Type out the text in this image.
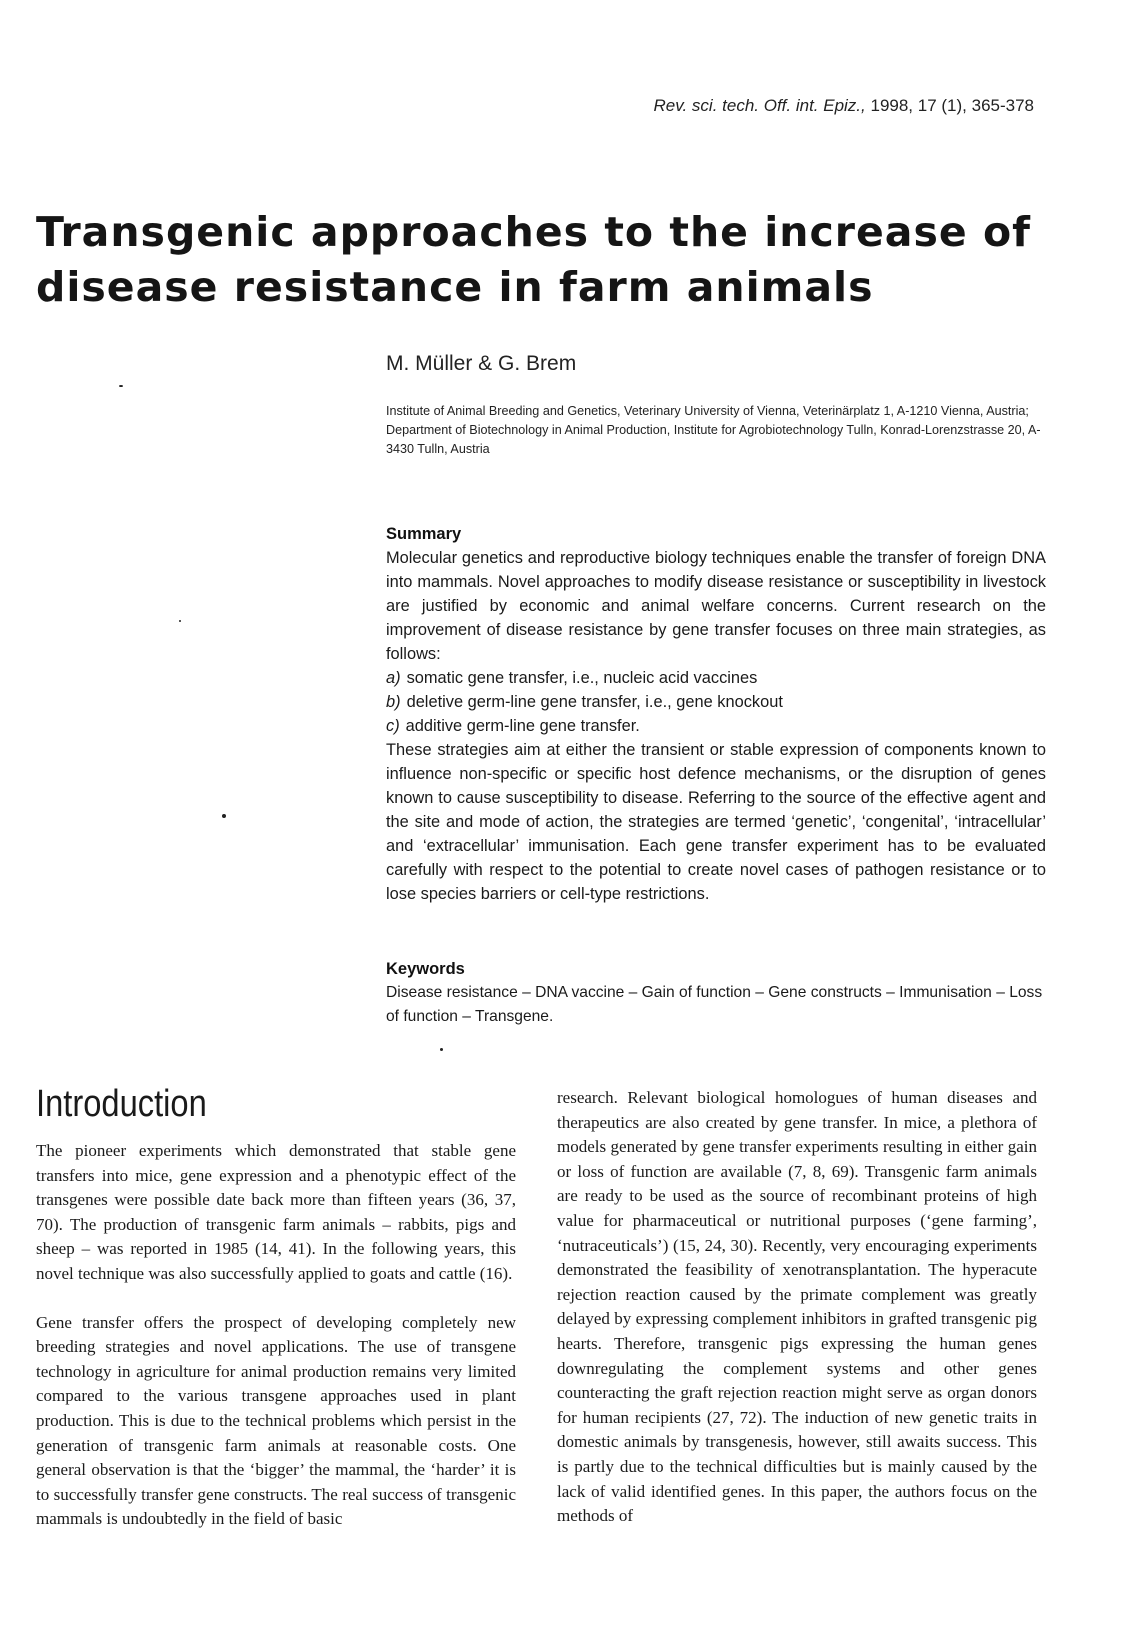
Rev. sci. tech. Off. int. Epiz., 1998, 17 (1), 365-378
Transgenic approaches to the increase of disease resistance in farm animals
M. Müller & G. Brem
Institute of Animal Breeding and Genetics, Veterinary University of Vienna, Veterinärplatz 1, A-1210 Vienna, Austria; Department of Biotechnology in Animal Production, Institute for Agrobiotechnology Tulln, Konrad-Lorenzstrasse 20, A-3430 Tulln, Austria
Summary

Molecular genetics and reproductive biology techniques enable the transfer of foreign DNA into mammals. Novel approaches to modify disease resistance or susceptibility in livestock are justified by economic and animal welfare concerns. Current research on the improvement of disease resistance by gene transfer focuses on three main strategies, as follows:

a) somatic gene transfer, i.e., nucleic acid vaccines
b) deletive germ-line gene transfer, i.e., gene knockout
c) additive germ-line gene transfer.

These strategies aim at either the transient or stable expression of components known to influence non-specific or specific host defence mechanisms, or the disruption of genes known to cause susceptibility to disease. Referring to the source of the effective agent and the site and mode of action, the strategies are termed ‘genetic’, ‘congenital’, ‘intracellular’ and ‘extracellular’ immunisation. Each gene transfer experiment has to be evaluated carefully with respect to the potential to create novel cases of pathogen resistance or to lose species barriers or cell-type restrictions.

Keywords

Disease resistance – DNA vaccine – Gain of function – Gene constructs – Immunisation – Loss of function – Transgene.

Introduction

The pioneer experiments which demonstrated that stable gene transfers into mice, gene expression and a phenotypic effect of the transgenes were possible date back more than fifteen years (36, 37, 70). The production of transgenic farm animals – rabbits, pigs and sheep – was reported in 1985 (14, 41). In the following years, this novel technique was also successfully applied to goats and cattle (16).

Gene transfer offers the prospect of developing completely new breeding strategies and novel applications. The use of transgene technology in agriculture for animal production remains very limited compared to the various transgene approaches used in plant production. This is due to the technical problems which persist in the generation of transgenic farm animals at reasonable costs. One general observation is that the ‘bigger’ the mammal, the ‘harder’ it is to successfully transfer gene constructs. The real success of transgenic mammals is undoubtedly in the field of basic

research. Relevant biological homologues of human diseases and therapeutics are also created by gene transfer. In mice, a plethora of models generated by gene transfer experiments resulting in either gain or loss of function are available (7, 8, 69). Transgenic farm animals are ready to be used as the source of recombinant proteins of high value for pharmaceutical or nutritional purposes (‘gene farming’, ‘nutraceuticals’) (15, 24, 30). Recently, very encouraging experiments demonstrated the feasibility of xenotransplantation. The hyperacute rejection reaction caused by the primate complement was greatly delayed by expressing complement inhibitors in grafted transgenic pig hearts. Therefore, transgenic pigs expressing the human genes downregulating the complement systems and other genes counteracting the graft rejection reaction might serve as organ donors for human recipients (27, 72). The induction of new genetic traits in domestic animals by transgenesis, however, still awaits success. This is partly due to the technical difficulties but is mainly caused by the lack of valid identified genes. In this paper, the authors focus on the methods of
